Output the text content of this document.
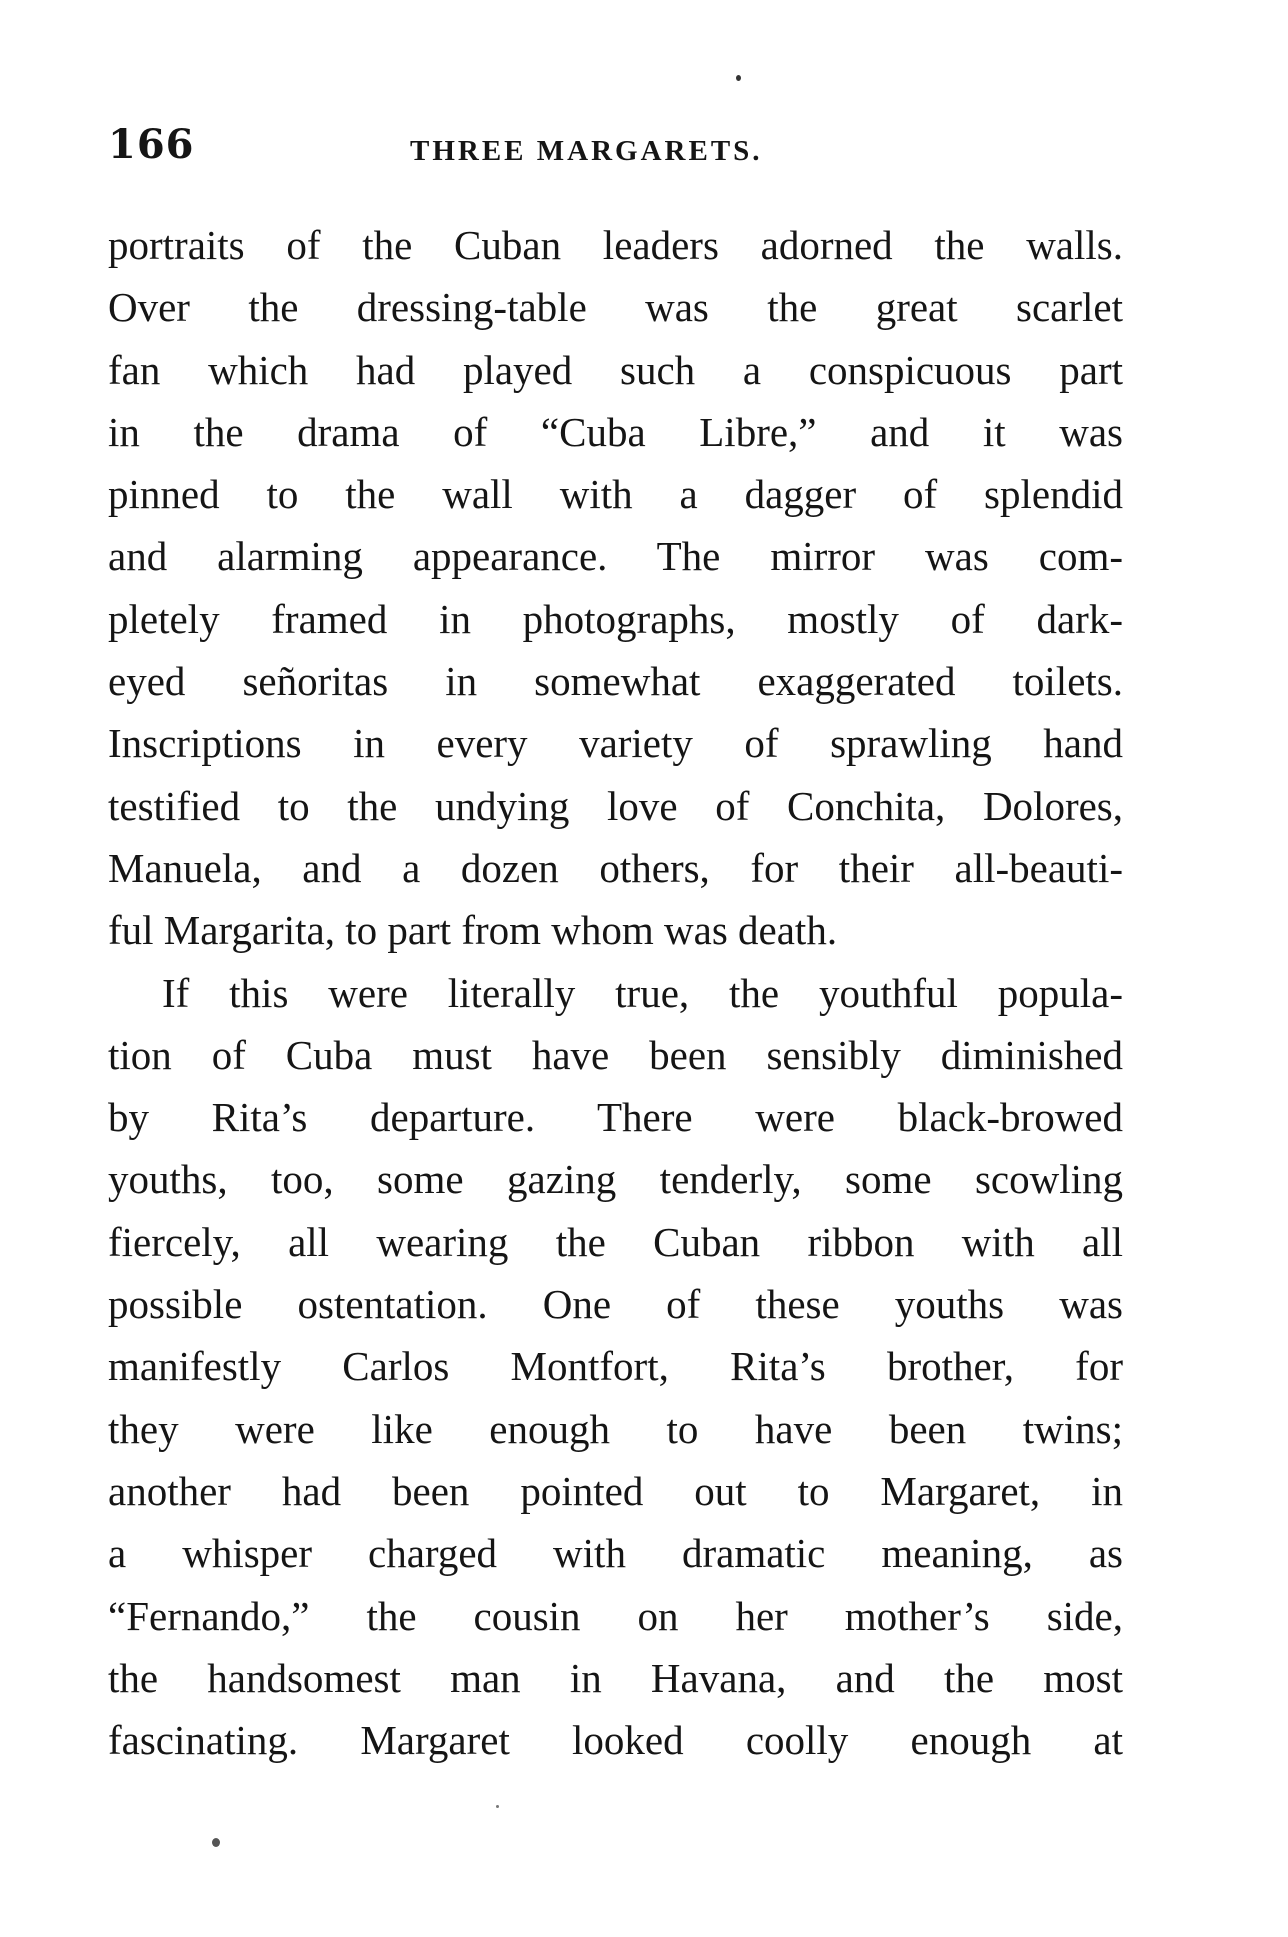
166	THREE MARGARETS.
portraits of the Cuban leaders adorned the walls.
Over the dressing-table was the great scarlet
fan which had played such a conspicuous part
in the drama of “Cuba Libre,” and it was
pinned to the wall with a dagger of splendid
and alarming appearance. The mirror was com-
pletely framed in photographs, mostly of dark-
eyed señoritas in somewhat exaggerated toilets.
Inscriptions in every variety of sprawling hand
testified to the undying love of Conchita, Dolores,
Manuela, and a dozen others, for their all-beauti-
ful Margarita, to part from whom was death.
If this were literally true, the youthful popula-
tion of Cuba must have been sensibly diminished
by Rita’s departure. There were black-browed
youths, too, some gazing tenderly, some scowling
fiercely, all wearing the Cuban ribbon with all
possible ostentation. One of these youths was
manifestly Carlos Montfort, Rita’s brother, for
they were like enough to have been twins;
another had been pointed out to Margaret, in
a whisper charged with dramatic meaning, as
“Fernando,” the cousin on her mother’s side,
the handsomest man in Havana, and the most
fascinating. Margaret looked coolly enough at
